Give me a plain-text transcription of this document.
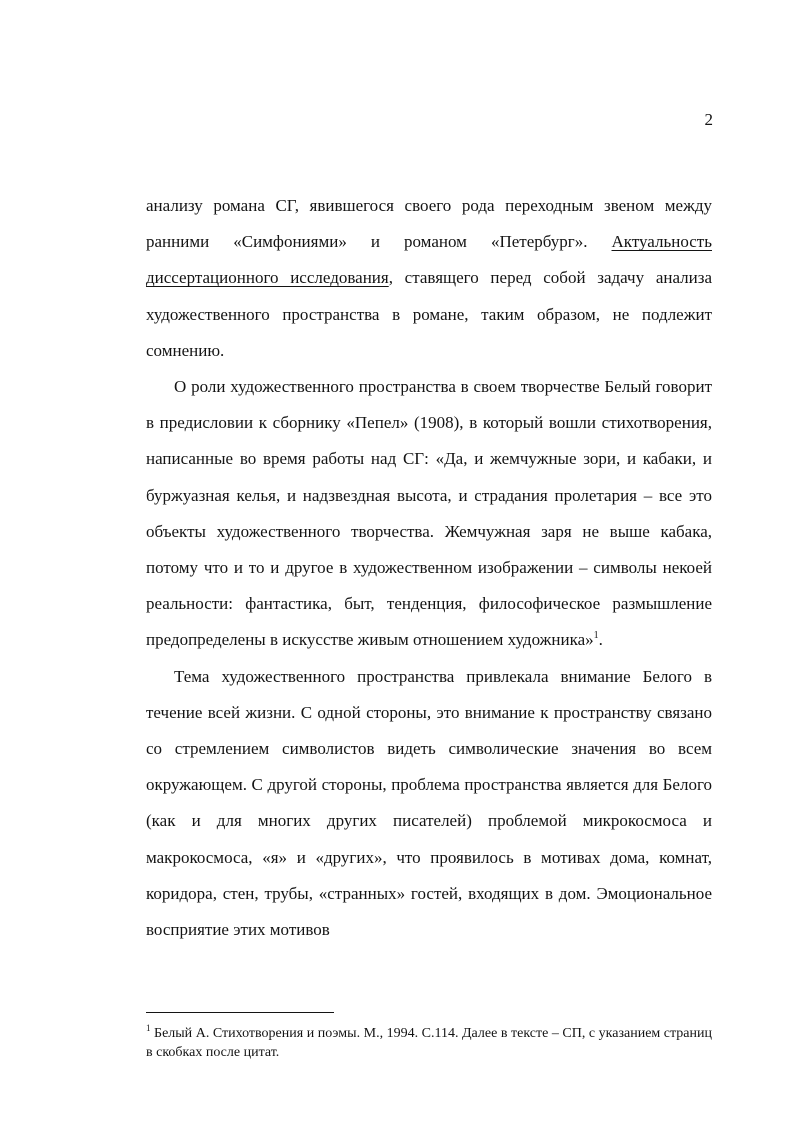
2

анализу романа СГ, явившегося своего рода переходным звеном между ранними «Симфониями» и романом «Петербург». Актуальность диссертационного исследования, ставящего перед собой задачу анализа художественного пространства в романе, таким образом, не подлежит сомнению.

О роли художественного пространства в своем творчестве Белый говорит в предисловии к сборнику «Пепел» (1908), в который вошли стихотворения, написанные во время работы над СГ: «Да, и жемчужные зори, и кабаки, и буржуазная келья, и надзвездная высота, и страдания пролетария – все это объекты художественного творчества. Жемчужная заря не выше кабака, потому что и то и другое в художественном изображении – символы некоей реальности: фантастика, быт, тенденция, философическое размышление предопределены в искусстве живым отношением художника»$^1$.

Тема художественного пространства привлекала внимание Белого в течение всей жизни. С одной стороны, это внимание к пространству связано со стремлением символистов видеть символические значения во всем окружающем. С другой стороны, проблема пространства является для Белого (как и для многих других писателей) проблемой микрокосмоса и макрокосмоса, «я» и «других», что проявилось в мотивах дома, комнат, коридора, стен, трубы, «странных» гостей, входящих в дом. Эмоциональное восприятие этих мотивов

$^1$ Белый А. Стихотворения и поэмы. М., 1994. С.114. Далее в тексте – СП, с указанием страниц в скобках после цитат.
